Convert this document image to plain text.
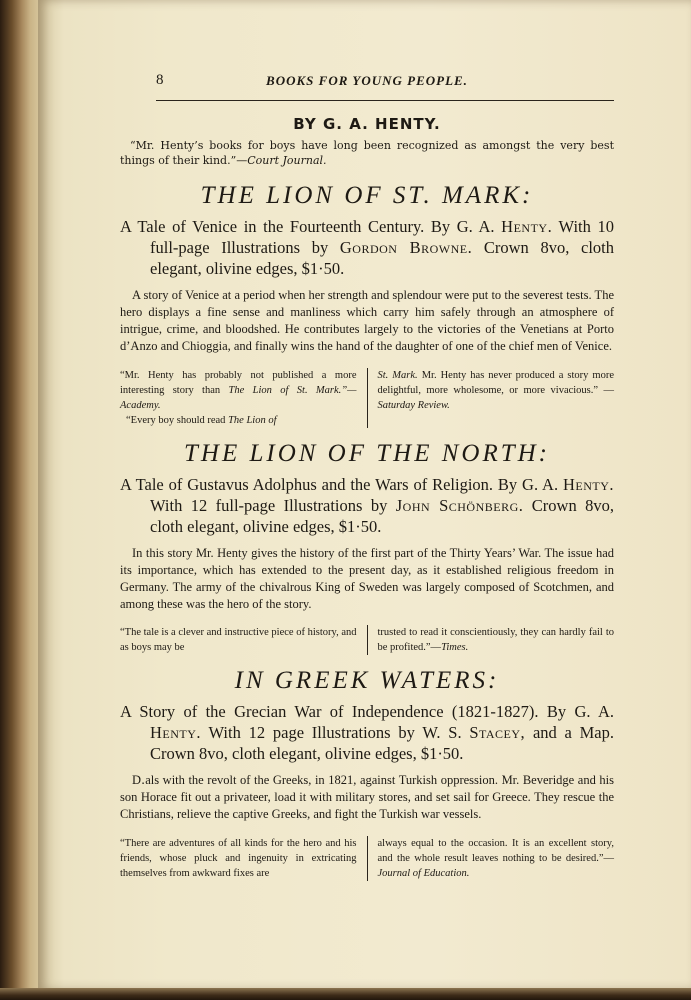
8	BOOKS FOR YOUNG PEOPLE.
BY G. A. HENTY.

“Mr. Henty’s books for boys have long been recognized as amongst the very best things of their kind.”—Court Journal.

THE LION OF ST. MARK:

A Tale of Venice in the Fourteenth Century. By G. A. Henty. With 10 full-page Illustrations by Gordon Browne. Crown 8vo, cloth elegant, olivine edges, $1·50.

A story of Venice at a period when her strength and splendour were put to the severest tests. The hero displays a fine sense and manliness which carry him safely through an atmosphere of intrigue, crime, and bloodshed. He contributes largely to the victories of the Venetians at Porto d’Anzo and Chioggia, and finally wins the hand of the daughter of one of the chief men of Venice.

“Mr. Henty has probably not published a more interesting story than The Lion of St. Mark.”—Academy.
“Every boy should read The Lion of
St. Mark. Mr. Henty has never produced a story more delightful, more wholesome, or more vivacious.” — Saturday Review.
THE LION OF THE NORTH:

A Tale of Gustavus Adolphus and the Wars of Religion. By G. A. Henty. With 12 full-page Illustrations by John Schönberg. Crown 8vo, cloth elegant, olivine edges, $1·50.

In this story Mr. Henty gives the history of the first part of the Thirty Years’ War. The issue had its importance, which has extended to the present day, as it established religious freedom in Germany. The army of the chivalrous King of Sweden was largely composed of Scotchmen, and among these was the hero of the story.

“The tale is a clever and instructive piece of history, and as boys may be
trusted to read it conscientiously, they can hardly fail to be profited.”—Times.
IN GREEK WATERS:

A Story of the Grecian War of Independence (1821-1827). By G. A. Henty. With 12 page Illustrations by W. S. Stacey, and a Map. Crown 8vo, cloth elegant, olivine edges, $1·50.

D․als with the revolt of the Greeks, in 1821, against Turkish oppression. Mr. Beveridge and his son Horace fit out a privateer, load it with military stores, and set sail for Greece. They rescue the Christians, relieve the captive Greeks, and fight the Turkish war vessels.

“There are adventures of all kinds for the hero and his friends, whose pluck and ingenuity in extricating themselves from awkward fixes are
always equal to the occasion. It is an excellent story, and the whole result leaves nothing to be desired.”—Journal of Education.
